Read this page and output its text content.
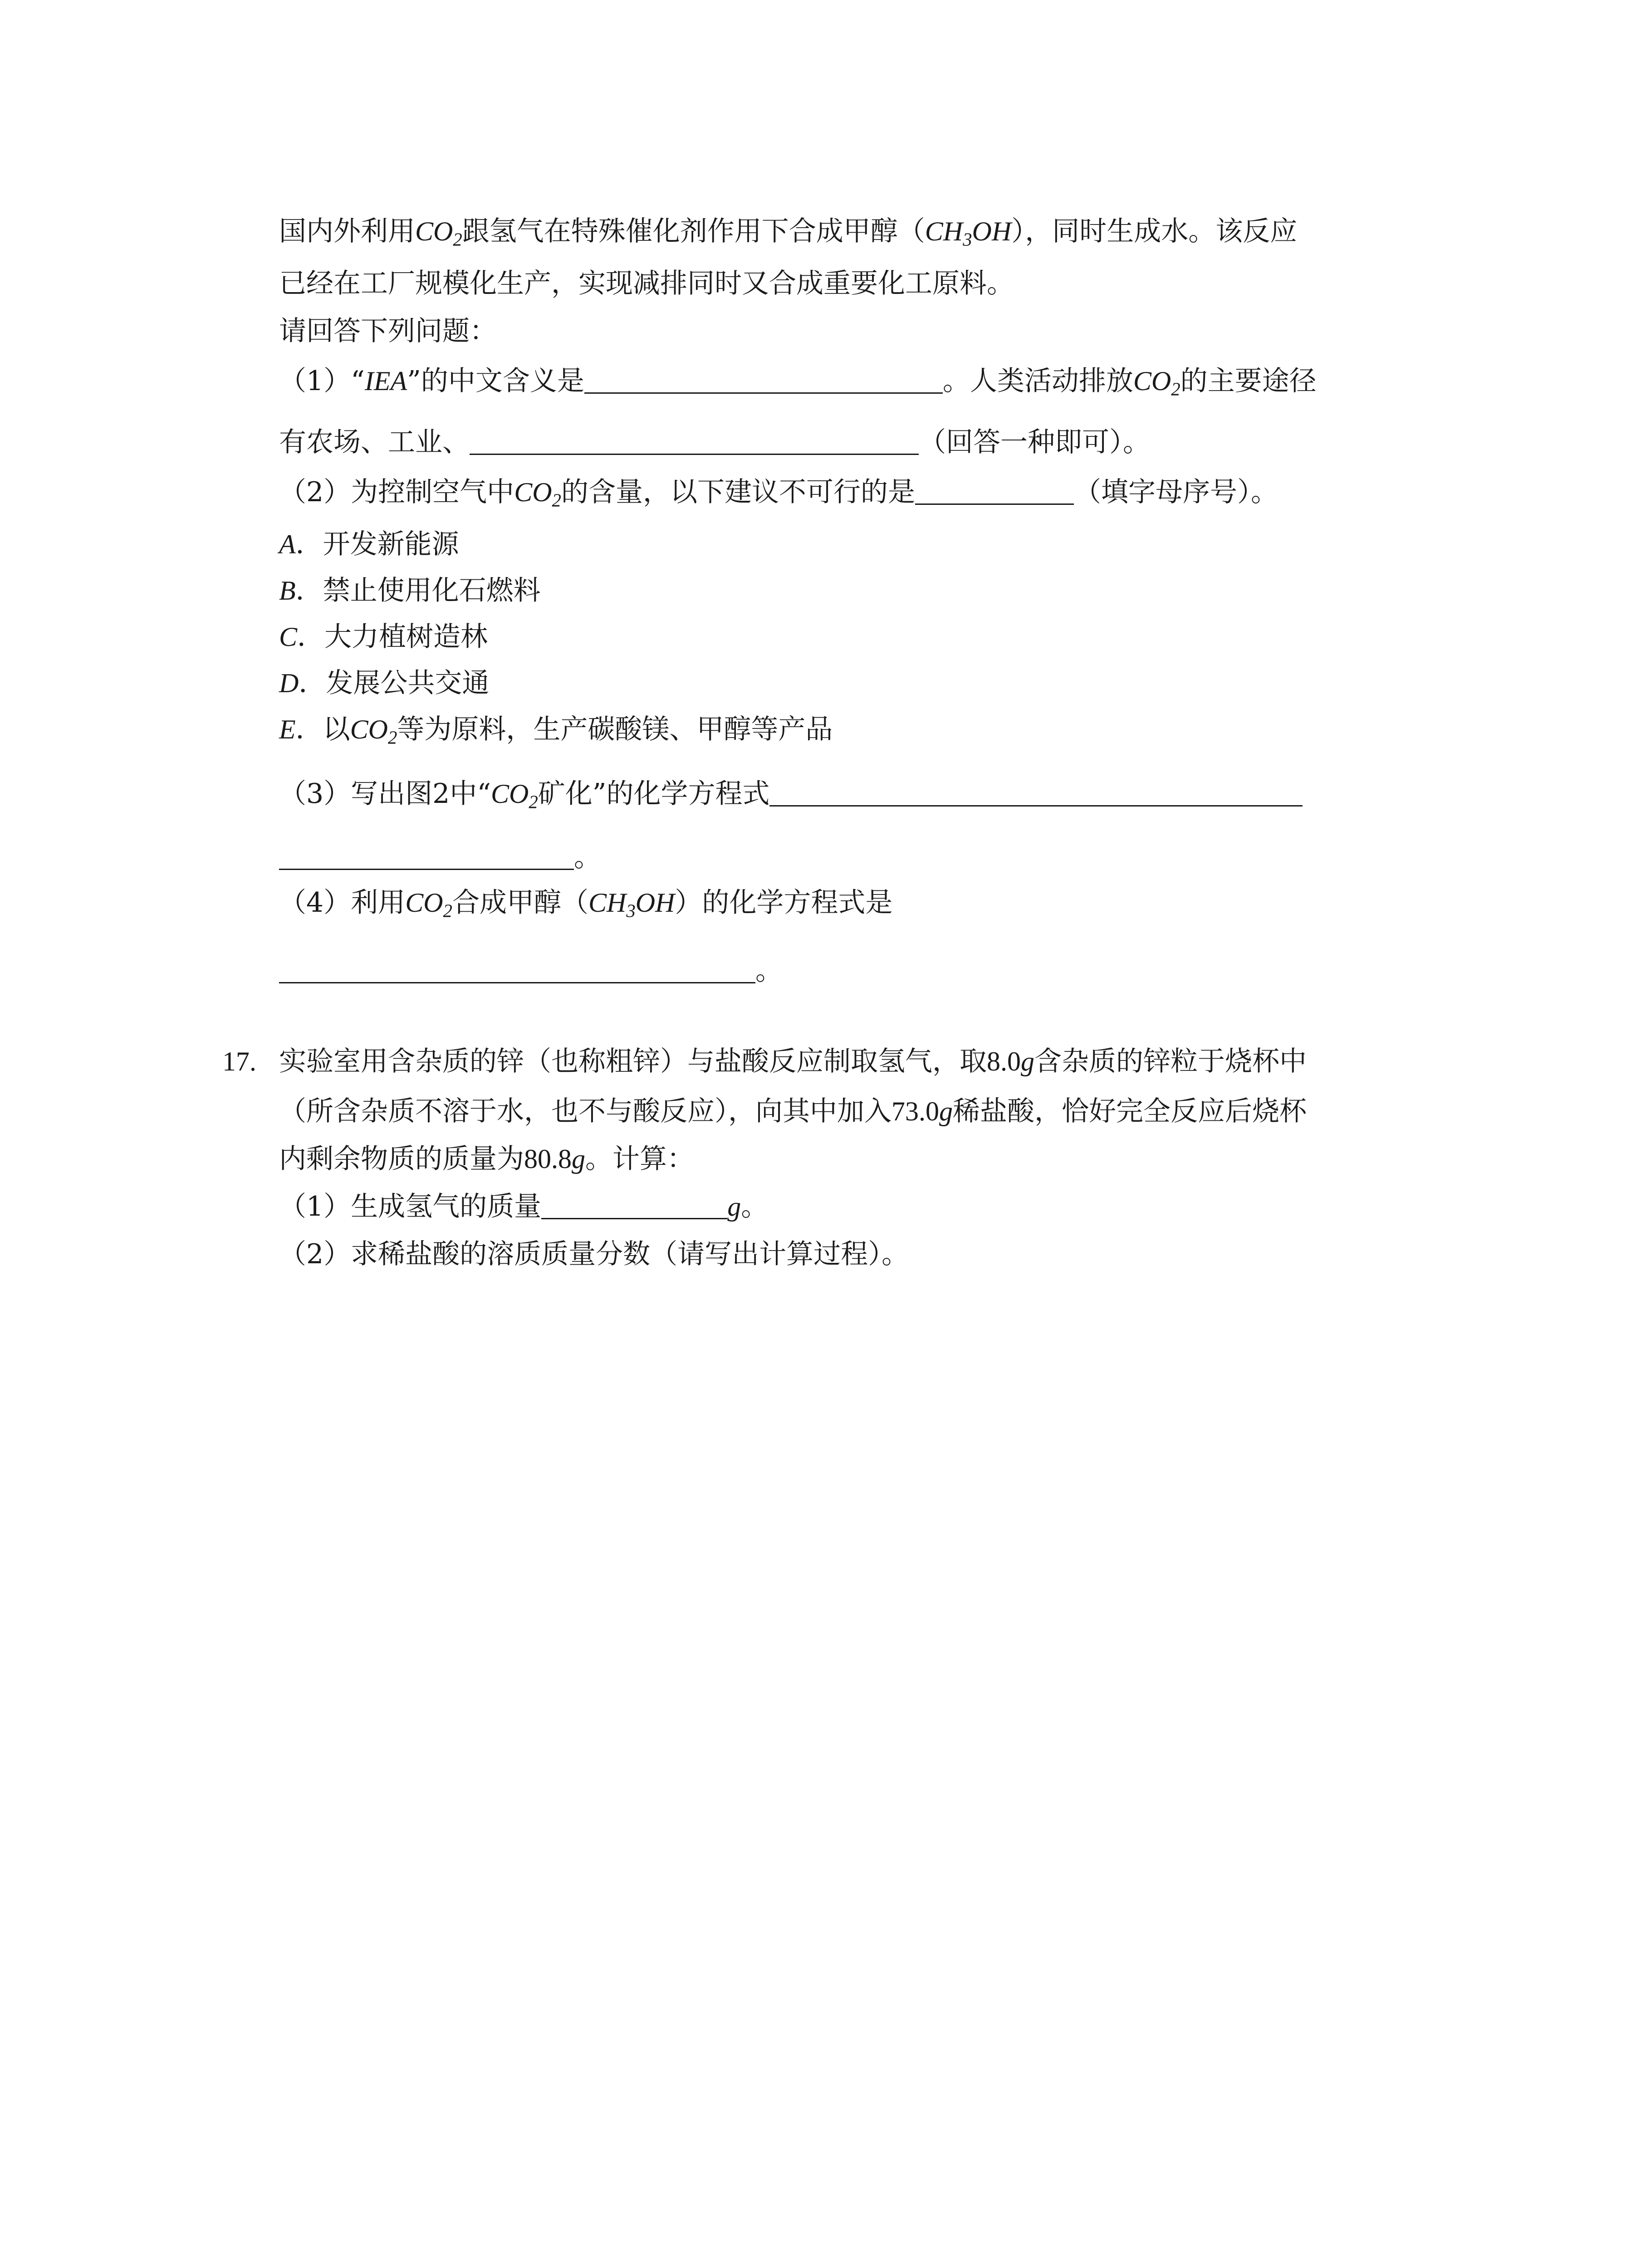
国内外利用$CO_2$跟氢气在特殊催化剂作用下合成甲醇$(CH_3OH)$，同时生成水。该反应
已经在工厂规模化生产，实现减排同时又合成重要化工原料。
请回答下列问题：
（1）“IEA”的中文含义是	。人类活动排放$CO_2$的主要途径
有农场、工业、	（回答一种即可）。
（2）为控制空气中$CO_2$的含量，以下建议不可行的是	（填字母序号）。
A．开发新能源
B．禁止使用化石燃料
C．大力植树造林
D．发展公共交通
E．以$CO_2$等为原料，生产碳酸镁、甲醇等产品
（3）写出图2中“$CO_2$矿化”的化学方程式
。
（4）利用$CO_2$合成甲醇$(CH_3OH)$的化学方程式是
。
17. 实验室用含杂质的锌（也称粗锌）与盐酸反应制取氢气，取8.0g含杂质的锌粒于烧杯中
（所含杂质不溶于水，也不与酸反应），向其中加入73.0g稀盐酸，恰好完全反应后烧杯
内剩余物质的质量为80.8g。计算：
（1）生成氢气的质量	g。
（2）求稀盐酸的溶质质量分数（请写出计算过程）。
